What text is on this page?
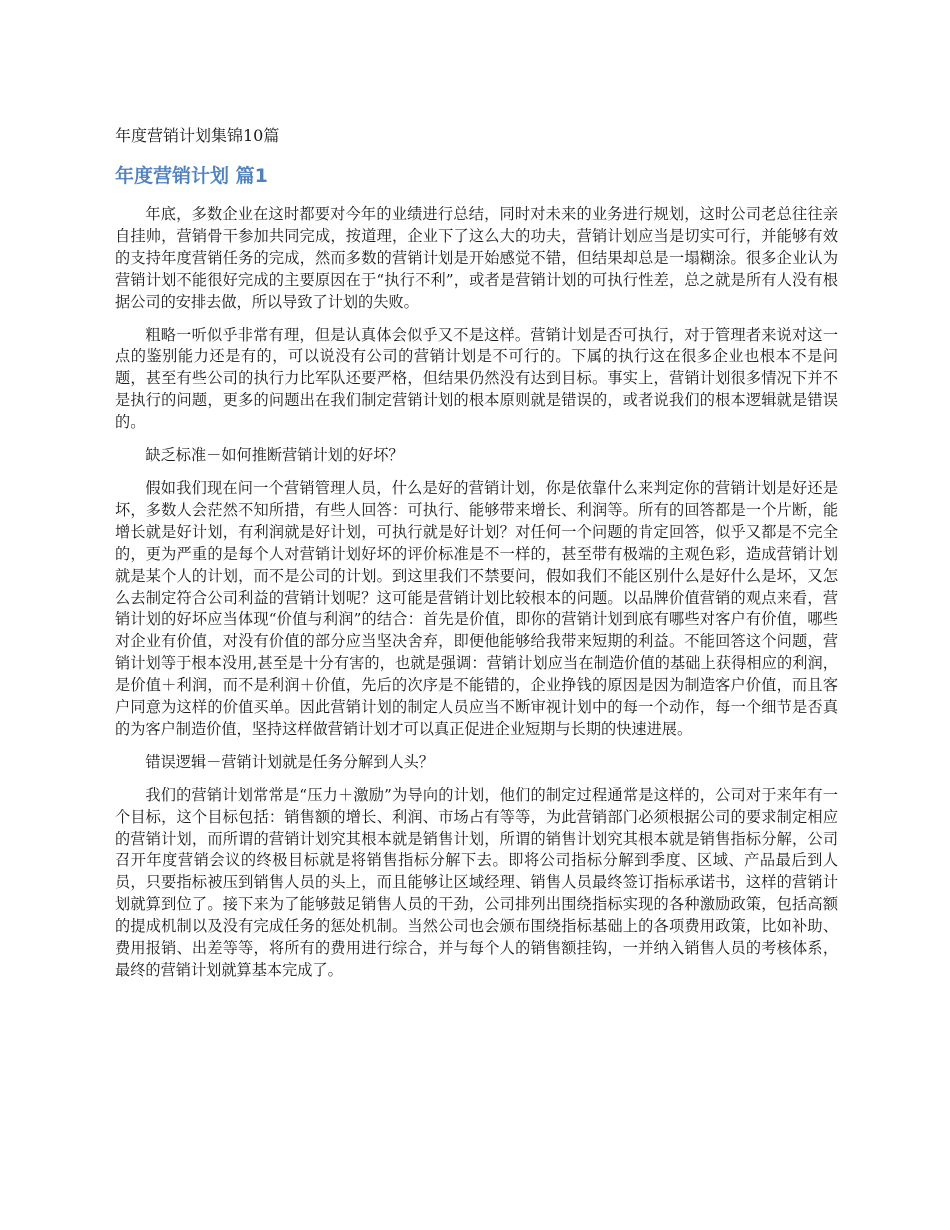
年度营销计划集锦10篇
年度营销计划 篇1

年底，多数企业在这时都要对今年的业绩进行总结，同时对未来的业务进行规划，这时公司老总往往亲自挂帅，营销骨干参加共同完成，按道理，企业下了这么大的功夫，营销计划应当是切实可行，并能够有效的支持年度营销任务的完成，然而多数的营销计划是开始感觉不错，但结果却总是一塌糊涂。很多企业认为营销计划不能很好完成的主要原因在于“执行不利”，或者是营销计划的可执行性差，总之就是所有人没有根据公司的安排去做，所以导致了计划的失败。

粗略一听似乎非常有理，但是认真体会似乎又不是这样。营销计划是否可执行，对于管理者来说对这一点的鉴别能力还是有的，可以说没有公司的营销计划是不可行的。下属的执行这在很多企业也根本不是问题，甚至有些公司的执行力比军队还要严格，但结果仍然没有达到目标。事实上，营销计划很多情况下并不是执行的问题，更多的问题出在我们制定营销计划的根本原则就是错误的，或者说我们的根本逻辑就是错误的。

缺乏标准－如何推断营销计划的好坏？

假如我们现在问一个营销管理人员，什么是好的营销计划，你是依靠什么来判定你的营销计划是好还是坏，多数人会茫然不知所措，有些人回答：可执行、能够带来增长、利润等。所有的回答都是一个片断，能增长就是好计划，有利润就是好计划，可执行就是好计划？对任何一个问题的肯定回答，似乎又都是不完全的，更为严重的是每个人对营销计划好坏的评价标准是不一样的，甚至带有极端的主观色彩，造成营销计划就是某个人的计划，而不是公司的计划。到这里我们不禁要问，假如我们不能区别什么是好什么是坏，又怎么去制定符合公司利益的营销计划呢？这可能是营销计划比较根本的问题。以品牌价值营销的观点来看，营销计划的好坏应当体现“价值与利润”的结合：首先是价值，即你的营销计划到底有哪些对客户有价值，哪些对企业有价值，对没有价值的部分应当坚决舍弃，即便他能够给我带来短期的利益。不能回答这个问题，营销计划等于根本没用,甚至是十分有害的，也就是强调：营销计划应当在制造价值的基础上获得相应的利润，是价值＋利润，而不是利润＋价值，先后的次序是不能错的，企业挣钱的原因是因为制造客户价值，而且客户同意为这样的价值买单。因此营销计划的制定人员应当不断审视计划中的每一个动作，每一个细节是否真的为客户制造价值，坚持这样做营销计划才可以真正促进企业短期与长期的快速进展。

错误逻辑－营销计划就是任务分解到人头？

我们的营销计划常常是“压力＋激励”为导向的计划，他们的制定过程通常是这样的，公司对于来年有一个目标，这个目标包括：销售额的增长、利润、市场占有等等，为此营销部门必须根据公司的要求制定相应的营销计划，而所谓的营销计划究其根本就是销售计划，所谓的销售计划究其根本就是销售指标分解，公司召开年度营销会议的终极目标就是将销售指标分解下去。即将公司指标分解到季度、区域、产品最后到人员，只要指标被压到销售人员的头上，而且能够让区域经理、销售人员最终签订指标承诺书，这样的营销计划就算到位了。接下来为了能够鼓足销售人员的干劲，公司排列出围绕指标实现的各种激励政策，包括高额的提成机制以及没有完成任务的惩处机制。当然公司也会颁布围绕指标基础上的各项费用政策，比如补助、费用报销、出差等等，将所有的费用进行综合，并与每个人的销售额挂钩，一并纳入销售人员的考核体系，最终的营销计划就算基本完成了。
